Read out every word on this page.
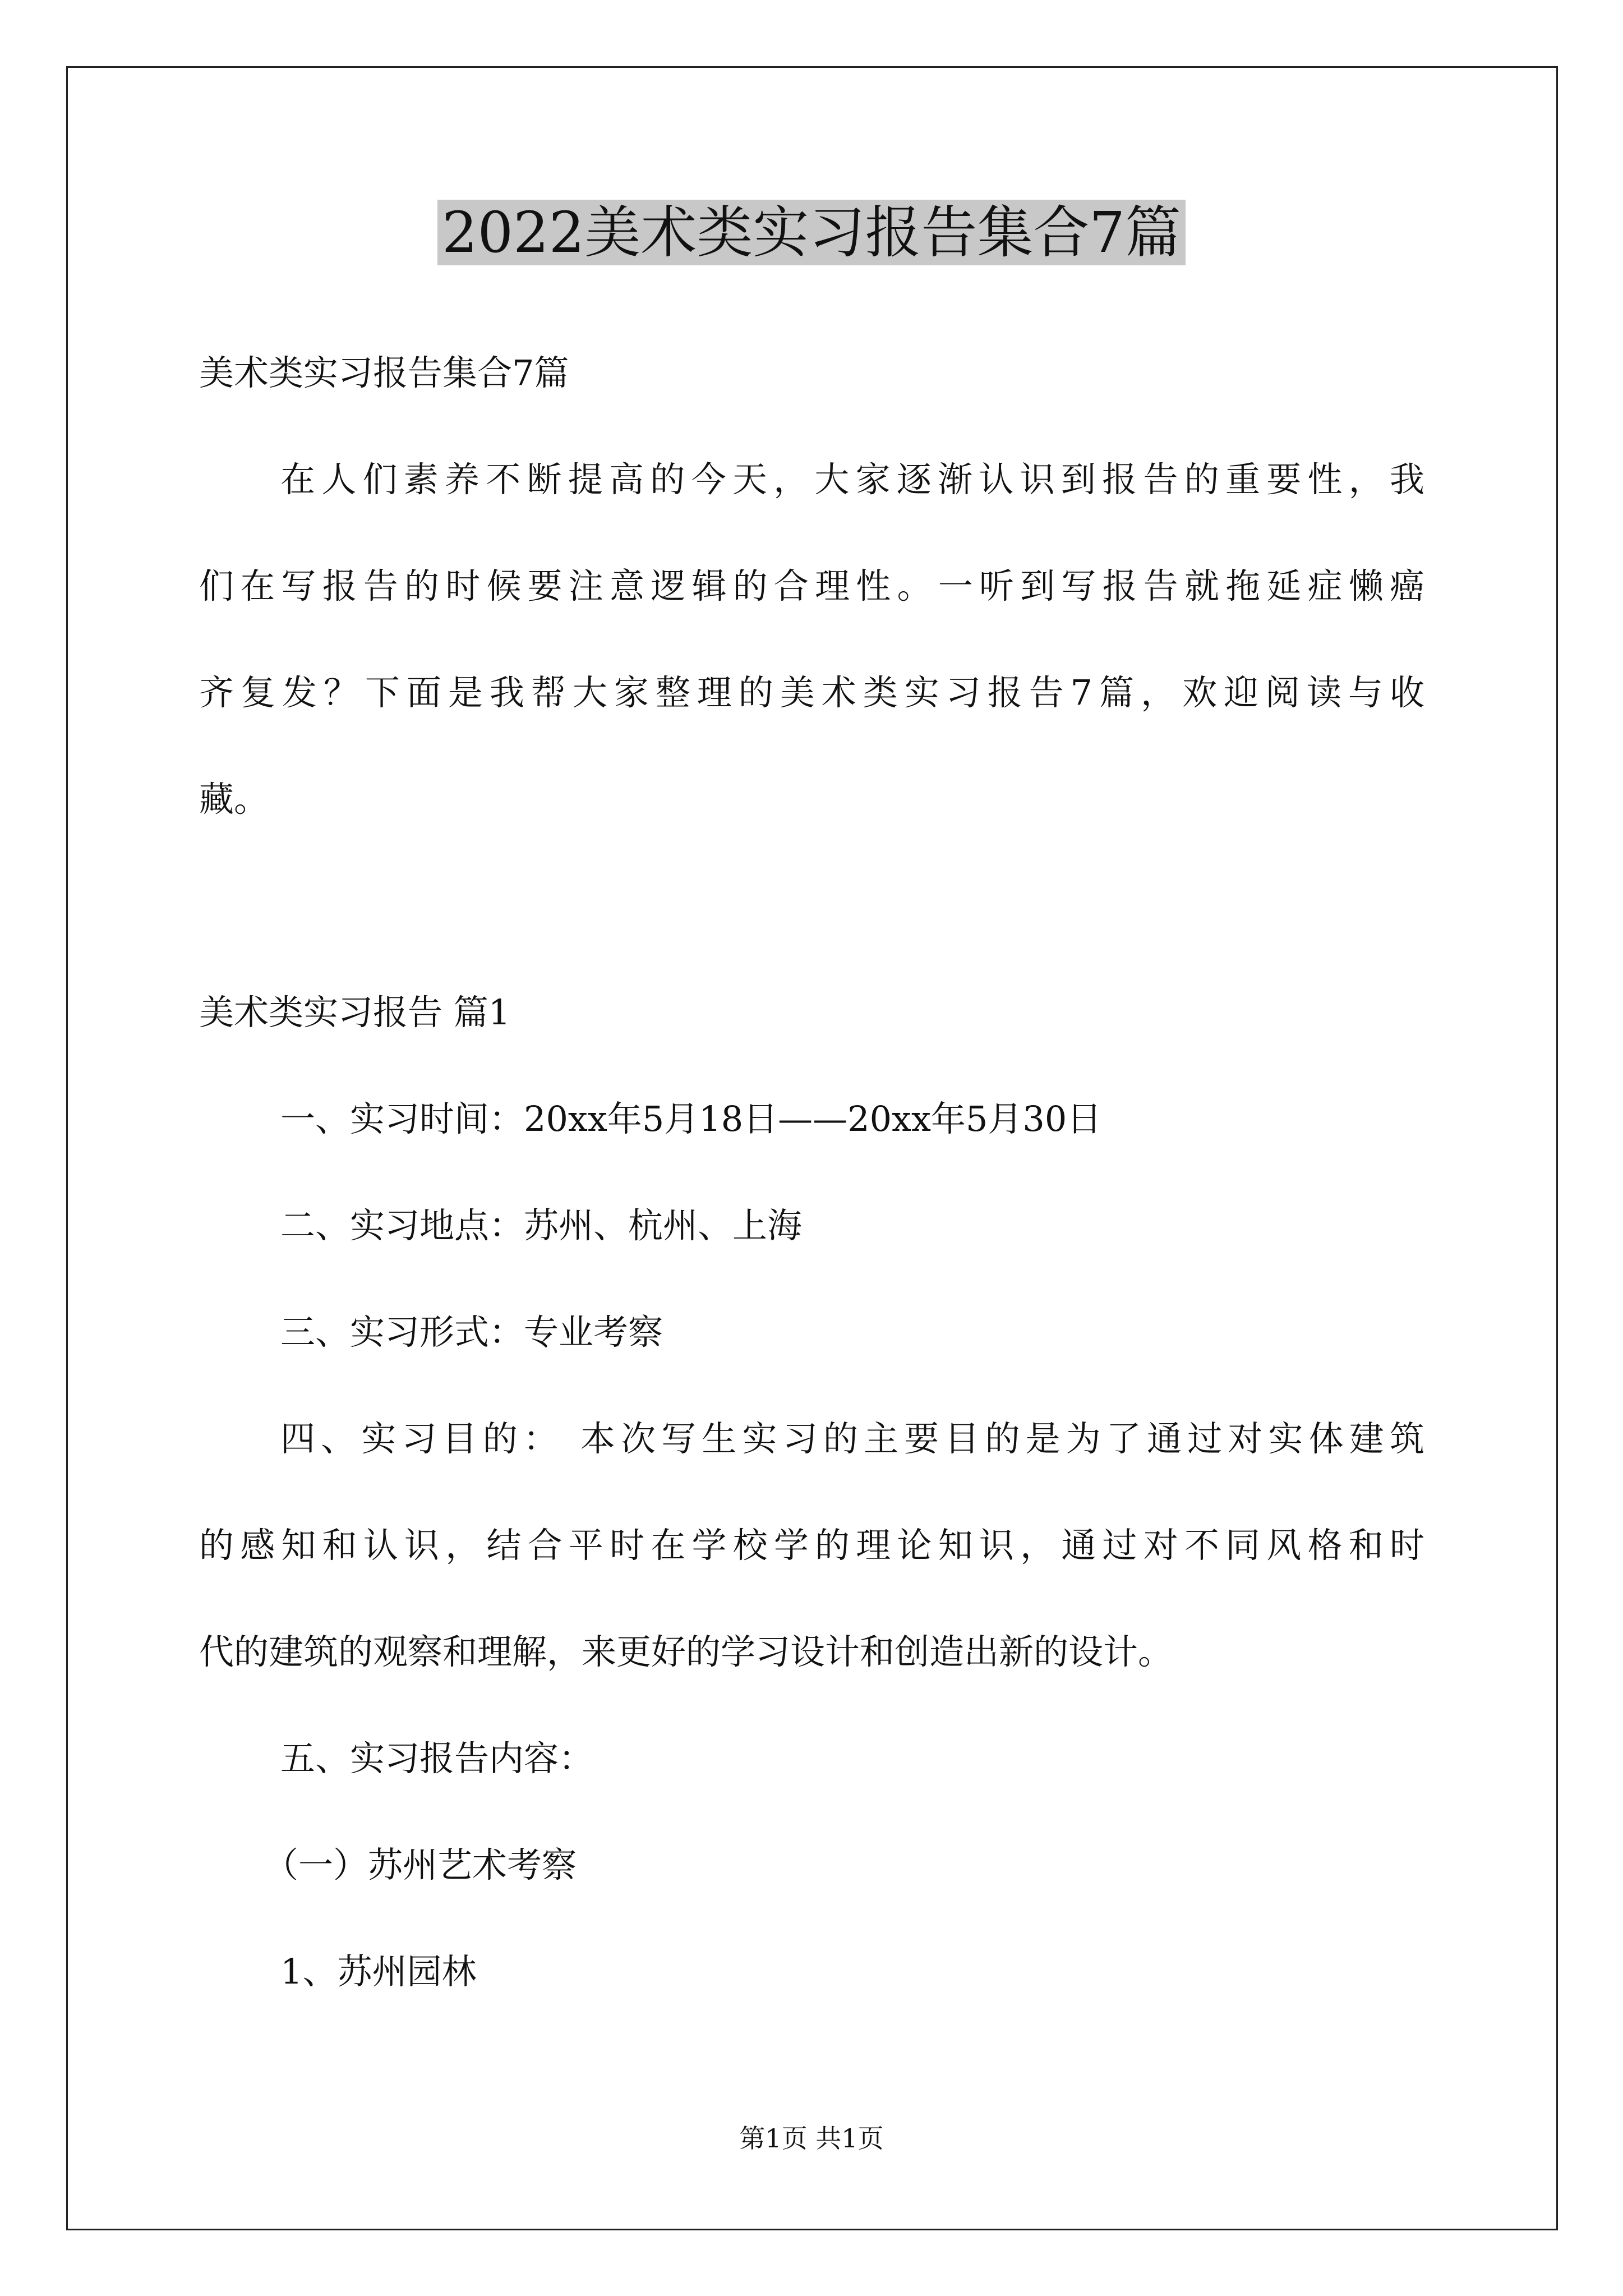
2022美术类实习报告集合7篇
美术类实习报告集合7篇
在人们素养不断提高的今天，大家逐渐认识到报告的重要性，我
们在写报告的时候要注意逻辑的合理性。一听到写报告就拖延症懒癌
齐复发？下面是我帮大家整理的美术类实习报告7篇，欢迎阅读与收
藏。
美术类实习报告 篇1
一、实习时间：20xx年5月18日——20xx年5月30日
二、实习地点：苏州、杭州、上海
三、实习形式：专业考察
四、实习目的： 本次写生实习的主要目的是为了通过对实体建筑
的感知和认识，结合平时在学校学的理论知识，通过对不同风格和时
代的建筑的观察和理解，来更好的学习设计和创造出新的设计。
五、实习报告内容：
（一）苏州艺术考察
1、苏州园林
第1页 共1页
